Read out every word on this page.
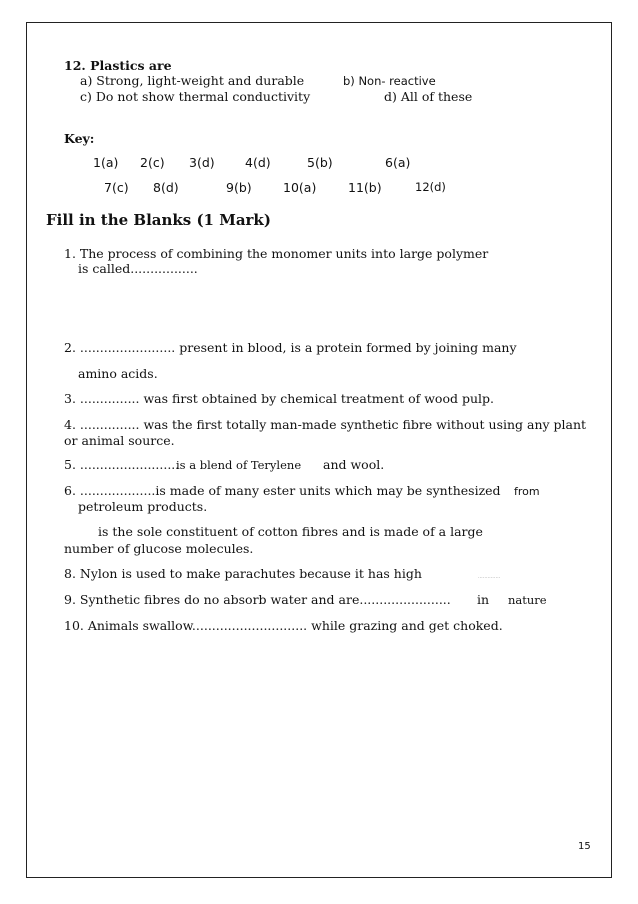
12. Plastics are
a) Strong, light-weight and durable	b) Non- reactive
c) Do not show thermal conductivity	d) All of these
Key:
1(a) 2(c) 3(d) 4(d)	5(b)	6(a)
7(c) 8(d)	9(b)	10(a)	11(b)	12(d)
Fill in the Blanks (1 Mark)
1. The process of combining the monomer units into large polymer
is called.................
2. ........................ present in blood, is a protein formed by joining many
amino acids.
3. ............... was first obtained by chemical treatment of wood pulp.
4. ............... was the first totally man-made synthetic fibre without using any plant
or animal source.
5. .........................
is a blend of Terylene and wool.
6. ...................is made of many ester units which may be synthesized from
petroleum products.
is the sole constituent of cotton fibres and is made of a large
number of glucose molecules.
8. Nylon is used to make parachutes because it has high	..............
9. Synthetic fibres do no absorb water and are....................... in nature
10. Animals swallow............................. while grazing and get choked.
15
